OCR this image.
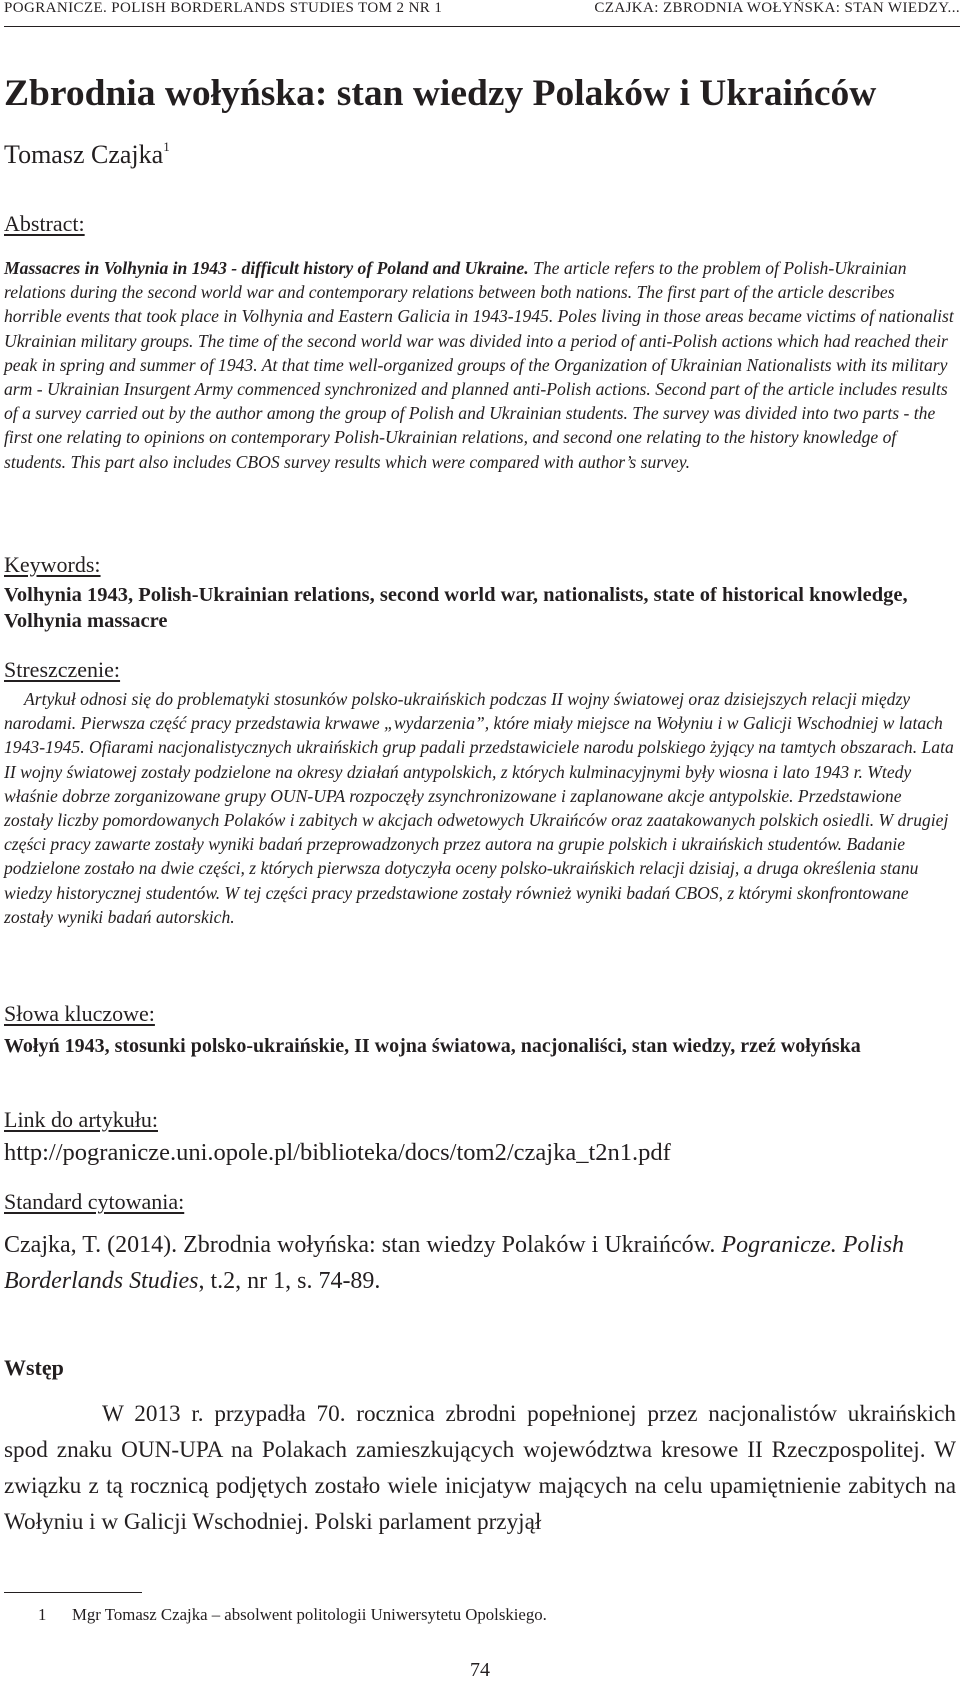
POGRANICZE. POLISH BORDERLANDS STUDIES TOM 2 NR 1	CZAJKA: ZBRODNIA WOŁYŃSKA: STAN WIEDZY...
Zbrodnia wołyńska: stan wiedzy Polaków i Ukraińców

Tomasz Czajka$^1$

Abstract:

Massacres in Volhynia in 1943 - difficult history of Poland and Ukraine. The article refers to the problem of Polish-Ukrainian relations during the second world war and contemporary relations between both nations. The first part of the article describes horrible events that took place in Volhynia and Eastern Galicia in 1943-1945. Poles living in those areas became victims of nationalist Ukrainian military groups. The time of the second world war was divided into a period of anti-Polish actions which had reached their peak in spring and summer of 1943. At that time well-organized groups of the Organization of Ukrainian Nationalists with its military arm - Ukrainian Insurgent Army commenced synchronized and planned anti-Polish actions. Second part of the article includes results of a survey carried out by the author among the group of Polish and Ukrainian students. The survey was divided into two parts - the first one relating to opinions on contemporary Polish-Ukrainian relations, and second one relating to the history knowledge of students. This part also includes CBOS survey results which were compared with author’s survey.

Keywords:

Volhynia 1943, Polish-Ukrainian relations, second world war, nationalists, state of historical knowledge, Volhynia massacre

Streszczenie:

Artykuł odnosi się do problematyki stosunków polsko-ukraińskich podczas II wojny światowej oraz dzisiejszych relacji między narodami. Pierwsza część pracy przedstawia krwawe „wydarzenia”, które miały miejsce na Wołyniu i w Galicji Wschodniej w latach 1943-1945. Ofiarami nacjonalistycznych ukraińskich grup padali przedstawiciele narodu polskiego żyjący na tamtych obszarach. Lata II wojny światowej zostały podzielone na okresy działań antypolskich, z których kulminacyjnymi były wiosna i lato 1943 r. Wtedy właśnie dobrze zorganizowane grupy OUN-UPA rozpoczęły zsynchronizowane i zaplanowane akcje antypolskie. Przedstawione zostały liczby pomordowanych Polaków i zabitych w akcjach odwetowych Ukraińców oraz zaatakowanych polskich osiedli. W drugiej części pracy zawarte zostały wyniki badań przeprowadzonych przez autora na grupie polskich i ukraińskich studentów. Badanie podzielone zostało na dwie części, z których pierwsza dotyczyła oceny polsko-ukraińskich relacji dzisiaj, a druga określenia stanu wiedzy historycznej studentów. W tej części pracy przedstawione zostały również wyniki badań CBOS, z którymi skonfrontowane zostały wyniki badań autorskich.

Słowa kluczowe:

Wołyń 1943, stosunki polsko-ukraińskie, II wojna światowa, nacjonaliści, stan wiedzy, rzeź wołyńska

Link do artykułu:

http://pogranicze.uni.opole.pl/biblioteka/docs/tom2/czajka_t2n1.pdf

Standard cytowania:

Czajka, T. (2014). Zbrodnia wołyńska: stan wiedzy Polaków i Ukraińców. Pogranicze. Polish Borderlands Studies, t.2, nr 1, s. 74-89.

Wstęp

W 2013 r. przypadła 70. rocznica zbrodni popełnionej przez nacjonalistów ukraińskich spod znaku OUN-UPA na Polakach zamieszkujących województwa kresowe II Rzeczpospolitej. W związku z tą rocznicą podjętych zostało wiele inicjatyw mających na celu upamiętnienie zabitych na Wołyniu i w Galicji Wschodniej. Polski parlament przyjął

1 Mgr Tomasz Czajka – absolwent politologii Uniwersytetu Opolskiego.

74
